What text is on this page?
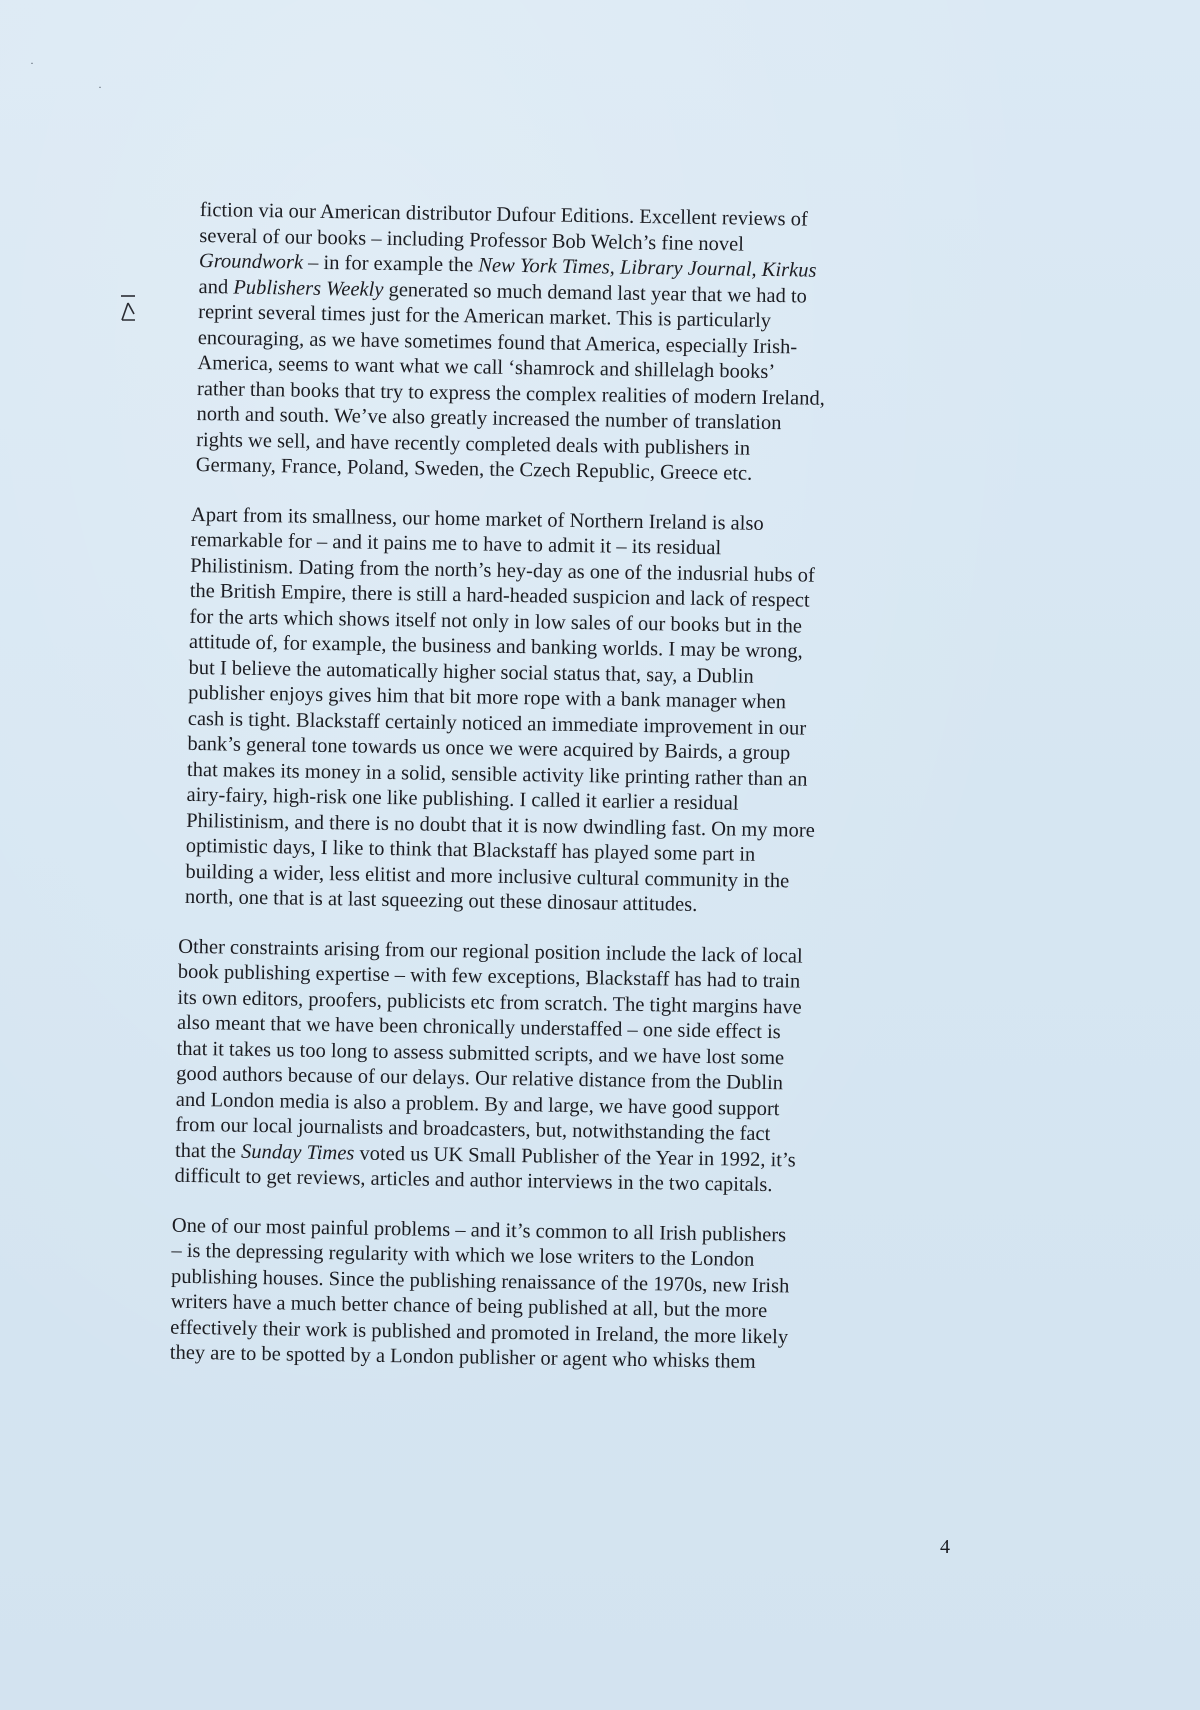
·
·

fiction via our American distributor Dufour Editions. Excellent reviews of
several of our books – including Professor Bob Welch’s fine novel
Groundwork – in for example the New York Times, Library Journal, Kirkus
and Publishers Weekly generated so much demand last year that we had to
reprint several times just for the American market. This is particularly
encouraging, as we have sometimes found that America, especially Irish-
America, seems to want what we call ‘shamrock and shillelagh books’
rather than books that try to express the complex realities of modern Ireland,
north and south. We’ve also greatly increased the number of translation
rights we sell, and have recently completed deals with publishers in
Germany, France, Poland, Sweden, the Czech Republic, Greece etc.

Apart from its smallness, our home market of Northern Ireland is also
remarkable for – and it pains me to have to admit it – its residual
Philistinism. Dating from the north’s hey-day as one of the indusrial hubs of
the British Empire, there is still a hard-headed suspicion and lack of respect
for the arts which shows itself not only in low sales of our books but in the
attitude of, for example, the business and banking worlds. I may be wrong,
but I believe the automatically higher social status that, say, a Dublin
publisher enjoys gives him that bit more rope with a bank manager when
cash is tight. Blackstaff certainly noticed an immediate improvement in our
bank’s general tone towards us once we were acquired by Bairds, a group
that makes its money in a solid, sensible activity like printing rather than an
airy-fairy, high-risk one like publishing. I called it earlier a residual
Philistinism, and there is no doubt that it is now dwindling fast. On my more
optimistic days, I like to think that Blackstaff has played some part in
building a wider, less elitist and more inclusive cultural community in the
north, one that is at last squeezing out these dinosaur attitudes.

Other constraints arising from our regional position include the lack of local
book publishing expertise – with few exceptions, Blackstaff has had to train
its own editors, proofers, publicists etc from scratch. The tight margins have
also meant that we have been chronically understaffed – one side effect is
that it takes us too long to assess submitted scripts, and we have lost some
good authors because of our delays. Our relative distance from the Dublin
and London media is also a problem. By and large, we have good support
from our local journalists and broadcasters, but, notwithstanding the fact
that the Sunday Times voted us UK Small Publisher of the Year in 1992, it’s
difficult to get reviews, articles and author interviews in the two capitals.

One of our most painful problems – and it’s common to all Irish publishers
– is the depressing regularity with which we lose writers to the London
publishing houses. Since the publishing renaissance of the 1970s, new Irish
writers have a much better chance of being published at all, but the more
effectively their work is published and promoted in Ireland, the more likely
they are to be spotted by a London publisher or agent who whisks them

4
